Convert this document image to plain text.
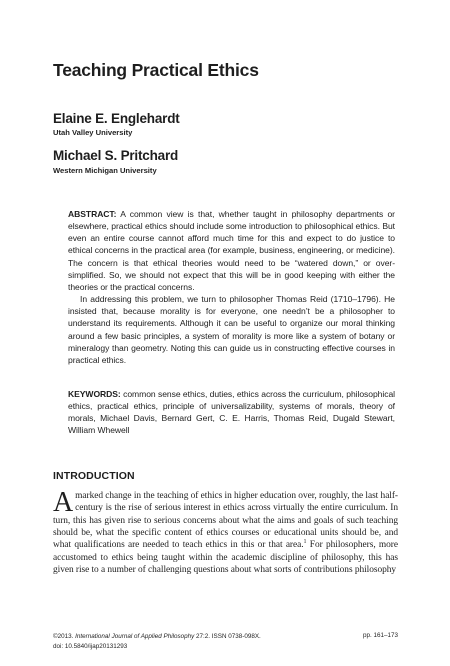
Teaching Practical Ethics
Elaine E. Englehardt
Utah Valley University
Michael S. Pritchard
Western Michigan University

ABSTRACT: A common view is that, whether taught in philosophy departments or elsewhere, practical ethics should include some introduction to philosophical ethics. But even an entire course cannot afford much time for this and expect to do justice to ethical concerns in the practical area (for example, business, engineering, or medicine). The concern is that ethical theories would need to be “watered down,” or over-simplified. So, we should not expect that this will be in good keeping with either the theories or the practical concerns.

In addressing this problem, we turn to philosopher Thomas Reid (1710–1796). He insisted that, because morality is for everyone, one needn’t be a philosopher to understand its requirements. Although it can be useful to organize our moral thinking around a few basic principles, a system of morality is more like a system of botany or mineralogy than geometry. Noting this can guide us in constructing effective courses in practical ethics.

KEYWORDS: common sense ethics, duties, ethics across the curriculum, philosophical ethics, practical ethics, principle of universalizability, systems of morals, theory of morals, Michael Davis, Bernard Gert, C. E. Harris, Thomas Reid, Dugald Stewart, William Whewell
INTRODUCTION
A marked change in the teaching of ethics in higher education over, roughly, the last half-century is the rise of serious interest in ethics across virtually the entire curriculum. In turn, this has given rise to serious concerns about what the aims and goals of such teaching should be, what the specific content of ethics courses or educational units should be, and what qualifications are needed to teach ethics in this or that area.$^1$ For philosophers, more accustomed to ethics being taught within the academic discipline of philosophy, this has given rise to a number of challenging questions about what sorts of contributions philosophy
©2013. International Journal of Applied Philosophy 27:2. ISSN 0738-098X.
doi: 10.5840/ijap20131293
pp. 161–173
